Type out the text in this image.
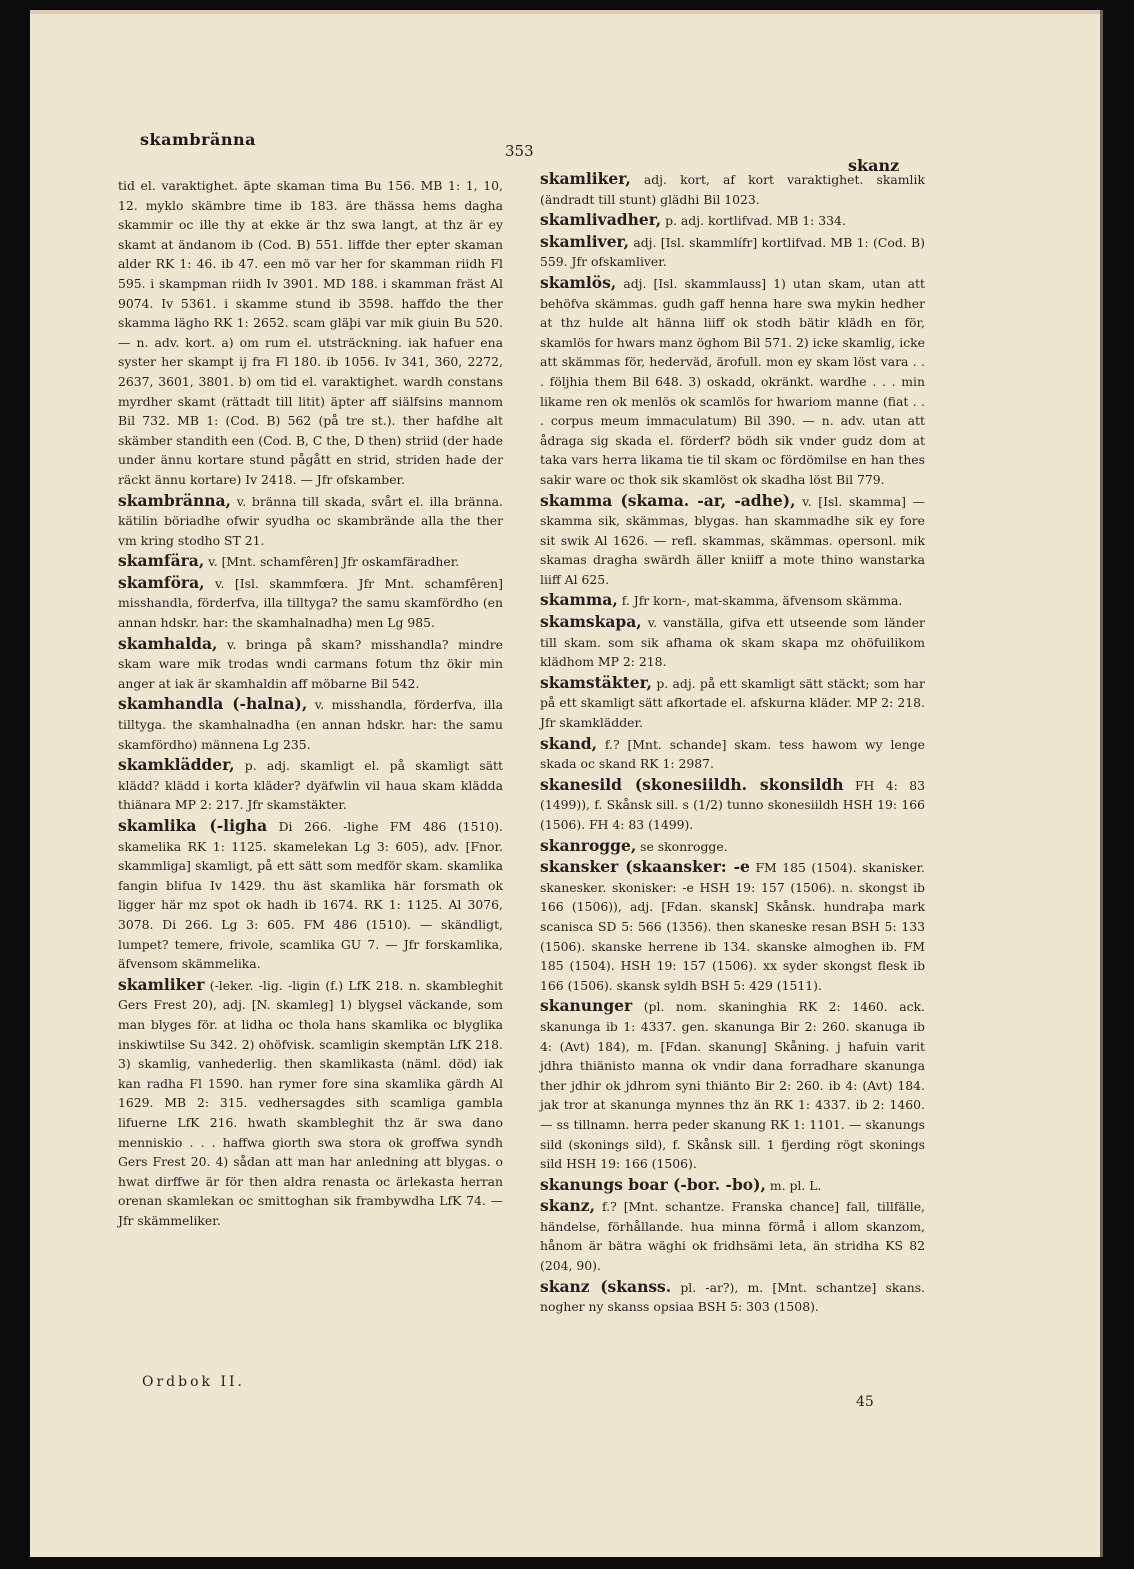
skambränna
353
skanz
tid el. varaktighet. äpte skaman tima Bu 156. MB 1: 1, 10, 12. myklo skämbre time ib 183. äre thässa hems dagha skammir oc ille thy at ekke är thz swa langt, at thz är ey skamt at ändanom ib (Cod. B) 551. liffde ther epter skaman alder RK 1: 46. ib 47. een mö var her for skamman riidh Fl 595. i skampman riidh Iv 3901. MD 188. i skamman fräst Al 9074. Iv 5361. i skamme stund ib 3598. haffdo the ther skamma lägho RK 1: 2652. scam gläþi var mik giuin Bu 520. — n. adv. kort. a) om rum el. utsträckning. iak hafuer ena syster her skampt ij fra Fl 180. ib 1056. Iv 341, 360, 2272, 2637, 3601, 3801. b) om tid el. varaktighet. wardh constans myrdher skamt (rättadt till litit) äpter aff siälfsins mannom Bil 732. MB 1: (Cod. B) 562 (på tre st.). ther hafdhe alt skämber standith een (Cod. B, C the, D then) striid (der hade under ännu kortare stund pågått en strid, striden hade der räckt ännu kortare) Iv 2418. — Jfr ofskamber.
skambränna, v. bränna till skada, svårt el. illa bränna. kätilin böriadhe ofwir syudha oc skambrände alla the ther vm kring stodho ST 21.
skamfära, v. [Mnt. schamfêren] Jfr oskamfäradher.
skamföra, v. [Isl. skammfœra. Jfr Mnt. schamfêren] misshandla, förderfva, illa tilltyga? the samu skamfördho (en annan hdskr. har: the skamhalnadha) men Lg 985.
skamhalda, v. bringa på skam? misshandla? mindre skam ware mik trodas wndi carmans fotum thz ökir min anger at iak är skamhaldin aff möbarne Bil 542.
skamhandla (-halna), v. misshandla, förderfva, illa tilltyga. the skamhalnadha (en annan hdskr. har: the samu skamfördho) männena Lg 235.
skamklädder, p. adj. skamligt el. på skamligt sätt klädd? klädd i korta kläder? dyäfwlin vil haua skam klädda thiänara MP 2: 217. Jfr skamstäkter.
skamlika (-ligha Di 266. -lighe FM 486 (1510). skamelika RK 1: 1125. skamelekan Lg 3: 605), adv. [Fnor. skammliga] skamligt, på ett sätt som medför skam. skamlika fangin blifua Iv 1429. thu äst skamlika här forsmath ok ligger här mz spot ok hadh ib 1674. RK 1: 1125. Al 3076, 3078. Di 266. Lg 3: 605. FM 486 (1510). — skändligt, lumpet? temere, frivole, scamlika GU 7. — Jfr forskamlika, äfvensom skämmelika.
skamliker (-leker. -lig. -ligin (f.) LfK 218. n. skambleghit Gers Frest 20), adj. [N. skamleg] 1) blygsel väckande, som man blyges för. at lidha oc thola hans skamlika oc blyglika inskiwtilse Su 342. 2) ohöfvisk. scamligin skemptän LfK 218. 3) skamlig, vanhederlig. then skamlikasta (näml. död) iak kan radha Fl 1590. han rymer fore sina skamlika gärdh Al 1629. MB 2: 315. vedhersagdes sith scamliga gambla lifuerne LfK 216. hwath skambleghit thz är swa dano menniskio . . . haffwa giorth swa stora ok groffwa syndh Gers Frest 20. 4) sådan att man har anledning att blygas. o hwat dirffwe är för then aldra renasta oc ärlekasta herran orenan skamlekan oc smittoghan sik frambywdha LfK 74. — Jfr skämmeliker.
skamliker, adj. kort, af kort varaktighet. skamlik (ändradt till stunt) glädhi Bil 1023.
skamlivadher, p. adj. kortlifvad. MB 1: 334.
skamliver, adj. [Isl. skammlífr] kortlifvad. MB 1: (Cod. B) 559. Jfr ofskamliver.
skamlös, adj. [Isl. skammlauss] 1) utan skam, utan att behöfva skämmas. gudh gaff henna hare swa mykin hedher at thz hulde alt hänna liiff ok stodh bätir klädh en för, skamlös for hwars manz öghom Bil 571. 2) icke skamlig, icke att skämmas för, hederväd, ärofull. mon ey skam löst vara . . . följhia them Bil 648. 3) oskadd, okränkt. wardhe . . . min likame ren ok menlös ok scamlös for hwariom manne (fiat . . . corpus meum immaculatum) Bil 390. — n. adv. utan att ådraga sig skada el. förderf? bödh sik vnder gudz dom at taka vars herra likama tie til skam oc fördömilse en han thes sakir ware oc thok sik skamlöst ok skadha löst Bil 779.
skamma (skama. -ar, -adhe), v. [Isl. skamma] — skamma sik, skämmas, blygas. han skammadhe sik ey fore sit swik Al 1626. — refl. skammas, skämmas. opersonl. mik skamas dragha swärdh äller kniiff a mote thino wanstarka liiff Al 625.
skamma, f. Jfr korn-, mat-skamma, äfvensom skämma.
skamskapa, v. vanställa, gifva ett utseende som länder till skam. som sik afhama ok skam skapa mz ohöfuilikom klädhom MP 2: 218.
skamstäkter, p. adj. på ett skamligt sätt stäckt; som har på ett skamligt sätt afkortade el. afskurna kläder. MP 2: 218. Jfr skamklädder.
skand, f.? [Mnt. schande] skam. tess hawom wy lenge skada oc skand RK 1: 2987.
skanesild (skonesiildh. skonsildh FH 4: 83 (1499)), f. Skånsk sill. s (1/2) tunno skonesiildh HSH 19: 166 (1506). FH 4: 83 (1499).
skanrogge, se skonrogge.
skansker (skaansker: -e FM 185 (1504). skanisker. skanesker. skonisker: -e HSH 19: 157 (1506). n. skongst ib 166 (1506)), adj. [Fdan. skansk] Skånsk. hundraþa mark scanisca SD 5: 566 (1356). then skaneske resan BSH 5: 133 (1506). skanske herrene ib 134. skanske almoghen ib. FM 185 (1504). HSH 19: 157 (1506). xx syder skongst flesk ib 166 (1506). skansk syldh BSH 5: 429 (1511).
skanunger (pl. nom. skaninghia RK 2: 1460. ack. skanunga ib 1: 4337. gen. skanunga Bir 2: 260. skanuga ib 4: (Avt) 184), m. [Fdan. skanung] Skåning. j hafuin varit jdhra thiänisto manna ok vndir dana forradhare skanunga ther jdhir ok jdhrom syni thiänto Bir 2: 260. ib 4: (Avt) 184. jak tror at skanunga mynnes thz än RK 1: 4337. ib 2: 1460. — ss tillnamn. herra peder skanung RK 1: 1101. — skanungs sild (skonings sild), f. Skånsk sill. 1 fjerding rögt skonings sild HSH 19: 166 (1506).
skanungs boar (-bor. -bo), m. pl. L.
skanz, f.? [Mnt. schantze. Franska chance] fall, tillfälle, händelse, förhållande. hua minna förmå i allom skanzom, hånom är bätra wäghi ok fridhsämi leta, än stridha KS 82 (204, 90).
skanz (skanss. pl. -ar?), m. [Mnt. schantze] skans. nogher ny skanss opsiaa BSH 5: 303 (1508).
Ordbok II.
45
